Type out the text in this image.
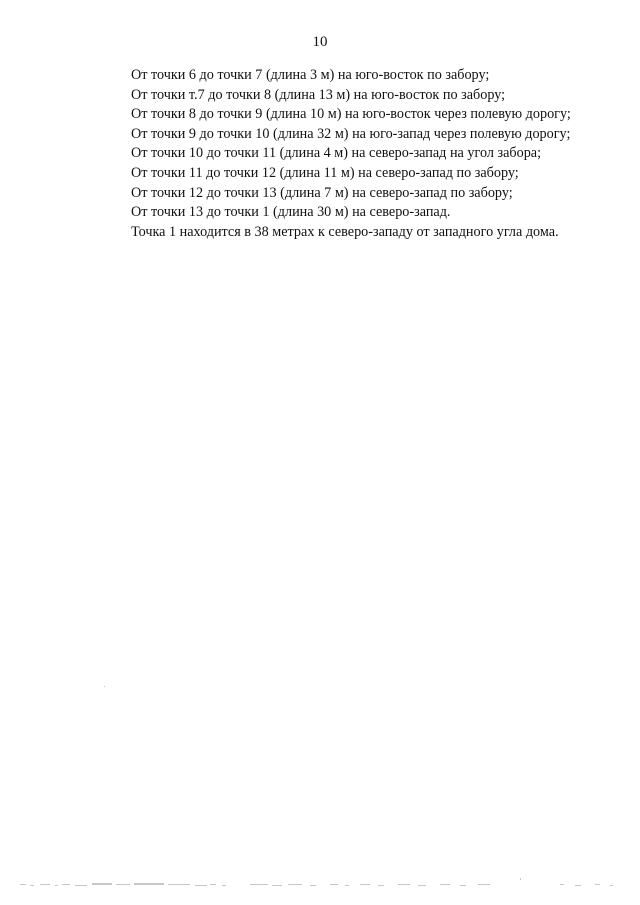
10
От точки 6 до точки 7 (длина 3 м) на юго-восток по забору;
От точки т.7 до точки 8 (длина 13 м) на юго-восток по забору;
От точки 8 до точки 9 (длина 10 м) на юго-восток через полевую дорогу;
От точки 9 до точки 10 (длина 32 м) на юго-запад через полевую дорогу;
От точки 10 до точки 11 (длина 4 м) на северо-запад на угол забора;
От точки 11 до точки 12 (длина 11 м) на северо-запад по забору;
От точки 12 до точки 13 (длина 7 м) на северо-запад по забору;
От точки 13 до точки 1 (длина 30 м) на северо-запад.
Точка 1 находится в 38 метрах к северо-западу от западного угла дома.
